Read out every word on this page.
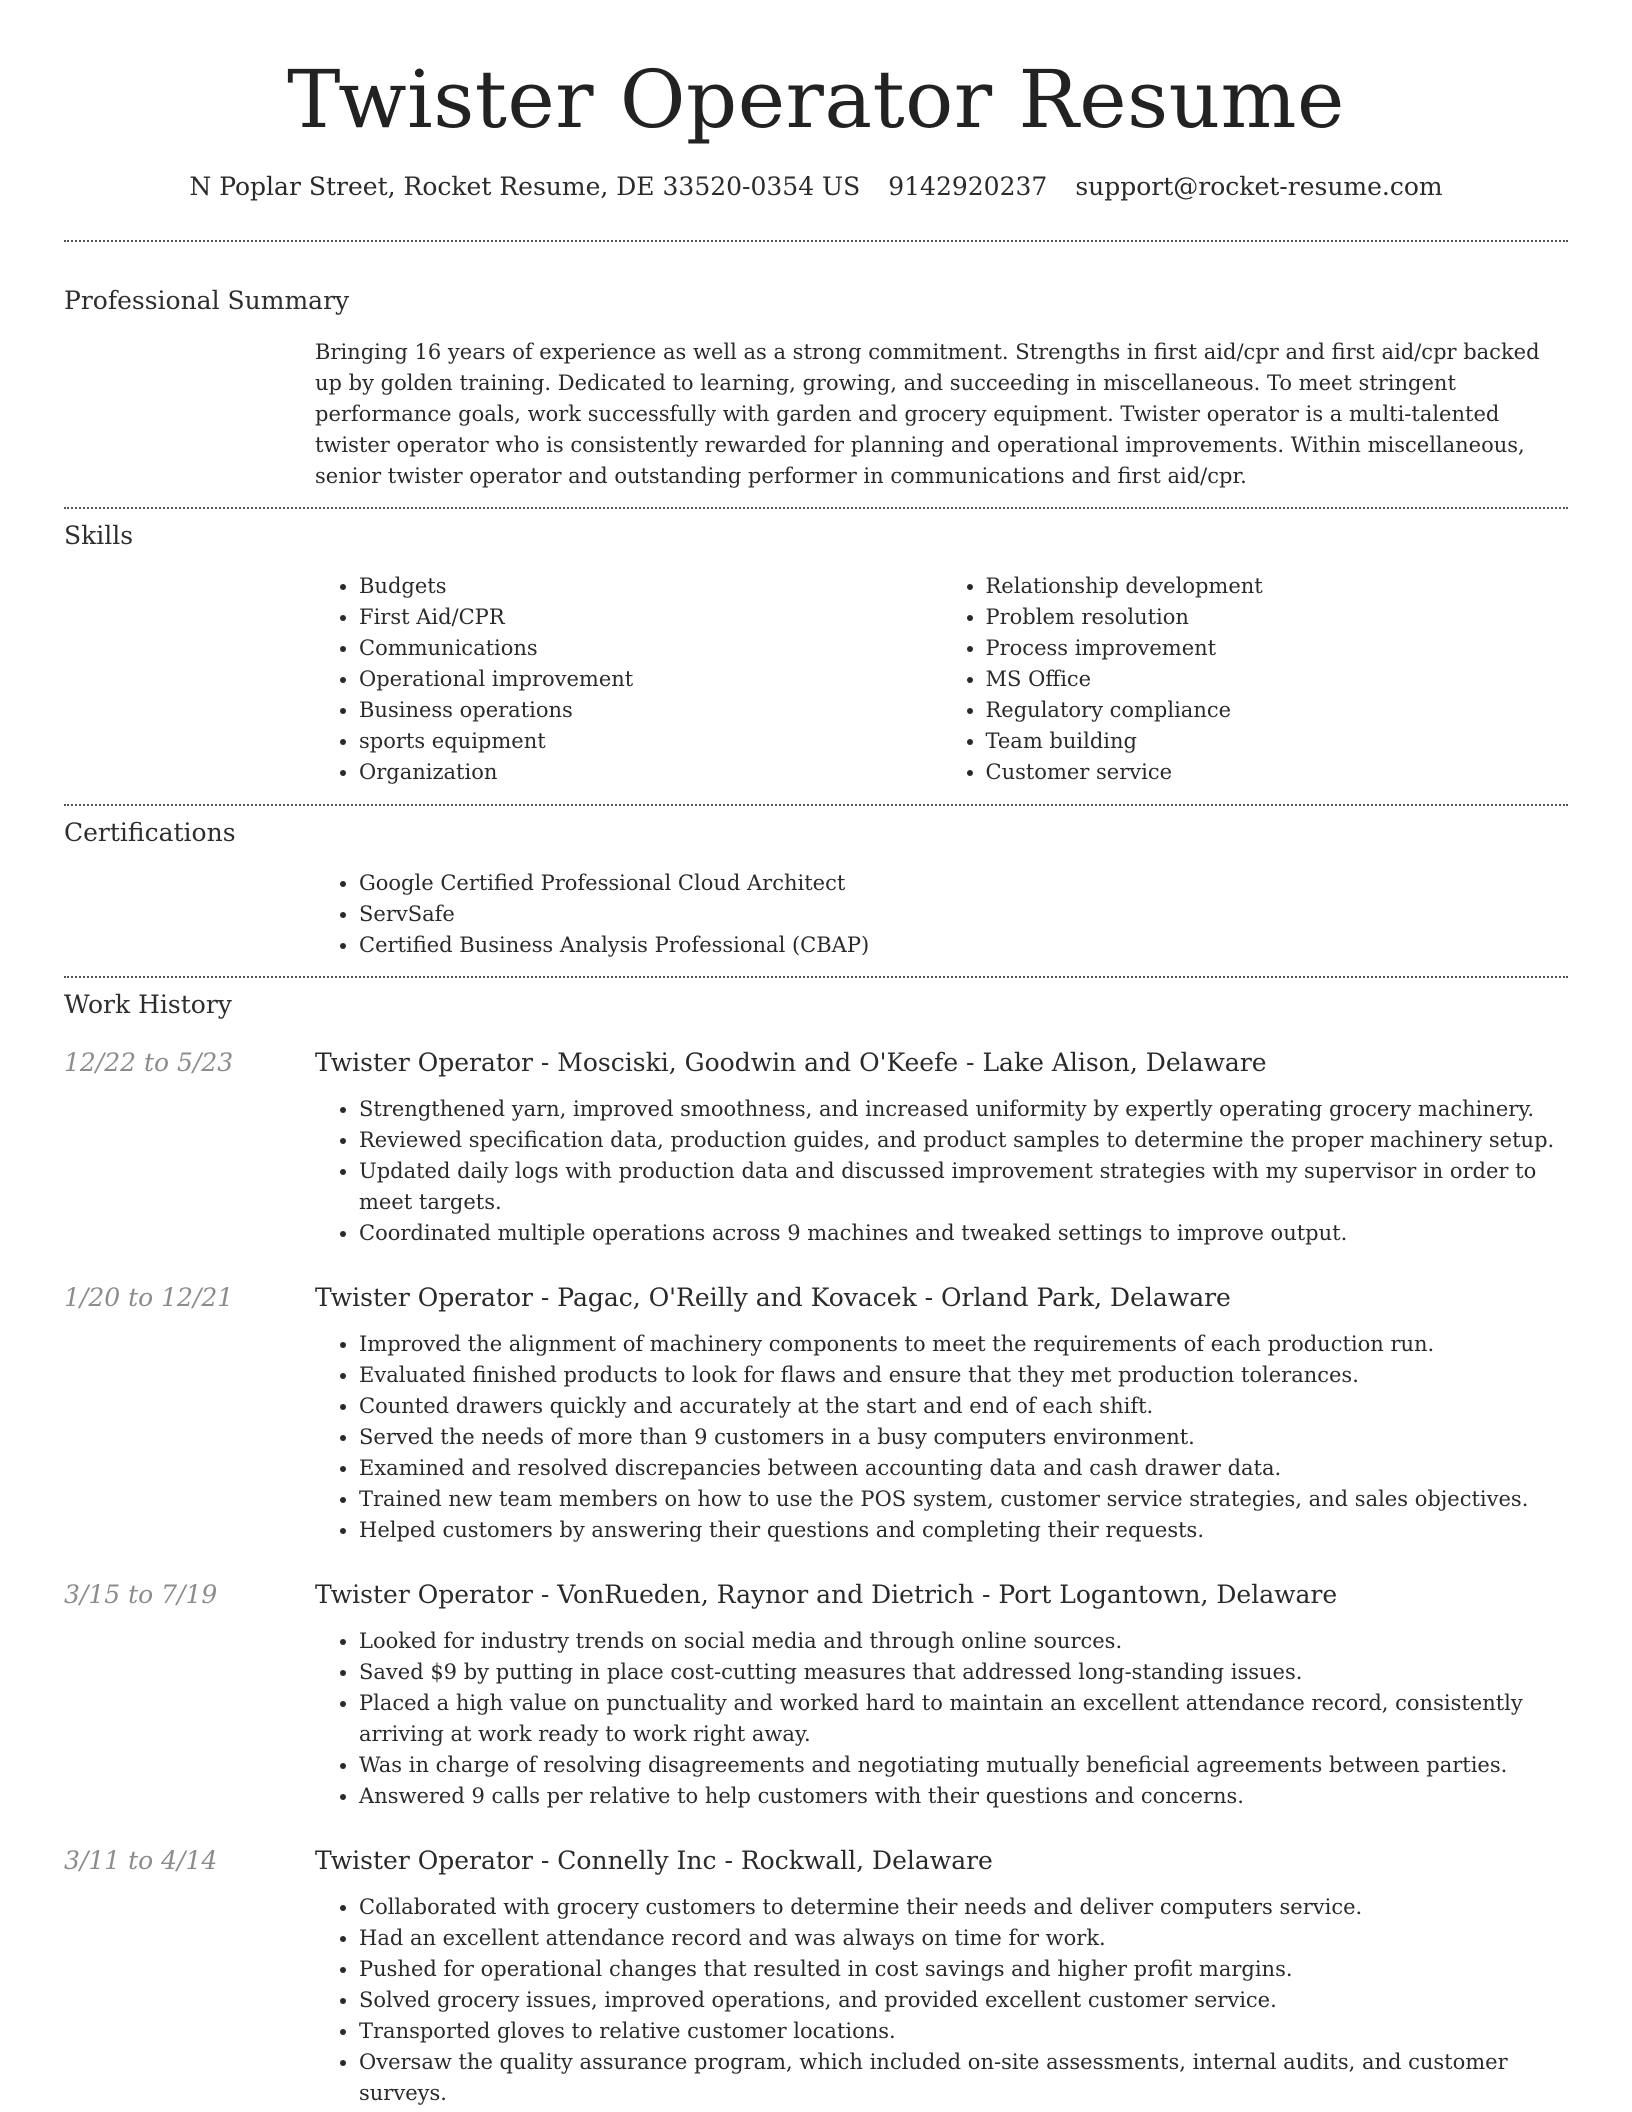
Twister Operator Resume
N Poplar Street, Rocket Resume, DE 33520-0354 US 9142920237 support@rocket-resume.com
Professional Summary
Bringing 16 years of experience as well as a strong commitment. Strengths in first aid/cpr and first aid/cpr backed up by golden training. Dedicated to learning, growing, and succeeding in miscellaneous. To meet stringent performance goals, work successfully with garden and grocery equipment. Twister operator is a multi-talented twister operator who is consistently rewarded for planning and operational improvements. Within miscellaneous, senior twister operator and outstanding performer in communications and first aid/cpr.
Skills
• Budgets
• First Aid/CPR
• Communications
• Operational improvement
• Business operations
• sports equipment
• Organization
• Relationship development
• Problem resolution
• Process improvement
• MS Office
• Regulatory compliance
• Team building
• Customer service
Certifications
• Google Certified Professional Cloud Architect
• ServSafe
• Certified Business Analysis Professional (CBAP)
Work History
12/22 to 5/23	Twister Operator - Mosciski, Goodwin and O'Keefe - Lake Alison, Delaware
• Strengthened yarn, improved smoothness, and increased uniformity by expertly operating grocery machinery.
• Reviewed specification data, production guides, and product samples to determine the proper machinery setup.
• Updated daily logs with production data and discussed improvement strategies with my supervisor in order to meet targets.
• Coordinated multiple operations across 9 machines and tweaked settings to improve output.
1/20 to 12/21	Twister Operator - Pagac, O'Reilly and Kovacek - Orland Park, Delaware
• Improved the alignment of machinery components to meet the requirements of each production run.
• Evaluated finished products to look for flaws and ensure that they met production tolerances.
• Counted drawers quickly and accurately at the start and end of each shift.
• Served the needs of more than 9 customers in a busy computers environment.
• Examined and resolved discrepancies between accounting data and cash drawer data.
• Trained new team members on how to use the POS system, customer service strategies, and sales objectives.
• Helped customers by answering their questions and completing their requests.
3/15 to 7/19	Twister Operator - VonRueden, Raynor and Dietrich - Port Logantown, Delaware
• Looked for industry trends on social media and through online sources.
• Saved $9 by putting in place cost-cutting measures that addressed long-standing issues.
• Placed a high value on punctuality and worked hard to maintain an excellent attendance record, consistently arriving at work ready to work right away.
• Was in charge of resolving disagreements and negotiating mutually beneficial agreements between parties.
• Answered 9 calls per relative to help customers with their questions and concerns.
3/11 to 4/14	Twister Operator - Connelly Inc - Rockwall, Delaware
• Collaborated with grocery customers to determine their needs and deliver computers service.
• Had an excellent attendance record and was always on time for work.
• Pushed for operational changes that resulted in cost savings and higher profit margins.
• Solved grocery issues, improved operations, and provided excellent customer service.
• Transported gloves to relative customer locations.
• Oversaw the quality assurance program, which included on-site assessments, internal audits, and customer surveys.
